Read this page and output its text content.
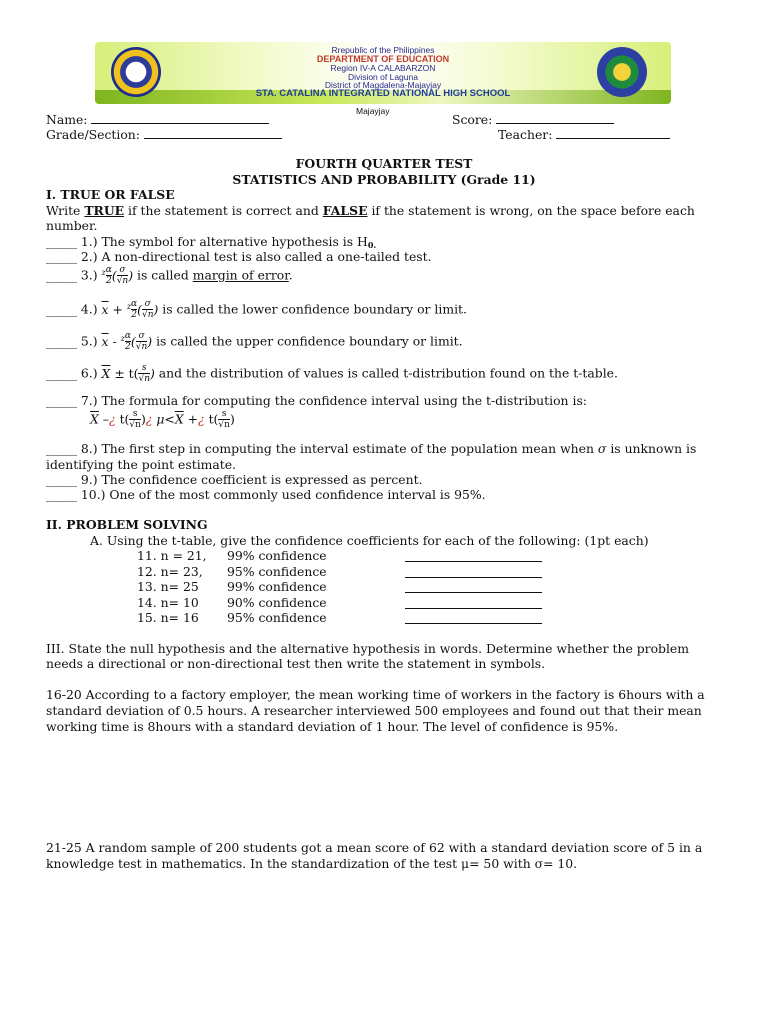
Rrepublic of the Philippines
DEPARTMENT OF EDUCATION
Region IV-A CALABARZON
Division of Laguna
District of Magdalena-Majayjay
STA. CATALINA INTEGRATED NATIONAL HIGH SCHOOL
Majayjay
Name:	Score:
Grade/Section:	Teacher:
FOURTH QUARTER TEST
STATISTICS AND PROBABILITY (Grade 11)
I. TRUE OR FALSE
Write TRUE if the statement is correct and FALSE if the statement is wrong, on the space before each
number.
_____ 1.) The symbol for alternative hypothesis is $H_{0.}$
_____ 2.) A non-directional test is also called a one-tailed test.
_____ 3.) $^z \frac{\alpha}{2}$ ( $\frac{\sigma}{√n}$ ) is called margin of error.
_____ 4.) $\overline{x} + ^z \frac{\alpha}{2}$ ( $\frac{\sigma}{√n}$ ) is called the lower confidence boundary or limit.
_____ 5.) $\overline{x} - ^z \frac{\alpha}{2}$ ( $\frac{\sigma}{√n}$ ) is called the upper confidence boundary or limit.
_____ 6.) $\overline{X} \pm t( \frac{s}{√n}$ ) and the distribution of values is called t-distribution found on the t-table.
_____ 7.) The formula for computing the confidence interval using the t-distribution is:
$\overline{X}$ –¿ $t( \frac{s}{√n}$ )¿ $\mu<\overline{X}$ +¿ $t( \frac{s}{√n}$ )
_____ 8.) The first step in computing the interval estimate of the population mean when σ is unknown is
identifying the point estimate.
_____ 9.) The confidence coefficient is expressed as percent.
_____ 10.) One of the most commonly used confidence interval is 95%.
II. PROBLEM SOLVING
A. Using the t-table, give the confidence coefficients for each of the following: (1pt each)
11. n = 21, 99% confidence
12. n= 23, 95% confidence
13. n= 25 99% confidence
14. n= 10 90% confidence
15. n= 16 95% confidence
III. State the null hypothesis and the alternative hypothesis in words. Determine whether the problem
needs a directional or non-directional test then write the statement in symbols.
16-20 According to a factory employer, the mean working time of workers in the factory is 6hours with a
standard deviation of 0.5 hours. A researcher interviewed 500 employees and found out that their mean
working time is 8hours with a standard deviation of 1 hour. The level of confidence is 95%.
21-25 A random sample of 200 students got a mean score of 62 with a standard deviation score of 5 in a
knowledge test in mathematics. In the standardization of the test μ= 50 with σ= 10.
